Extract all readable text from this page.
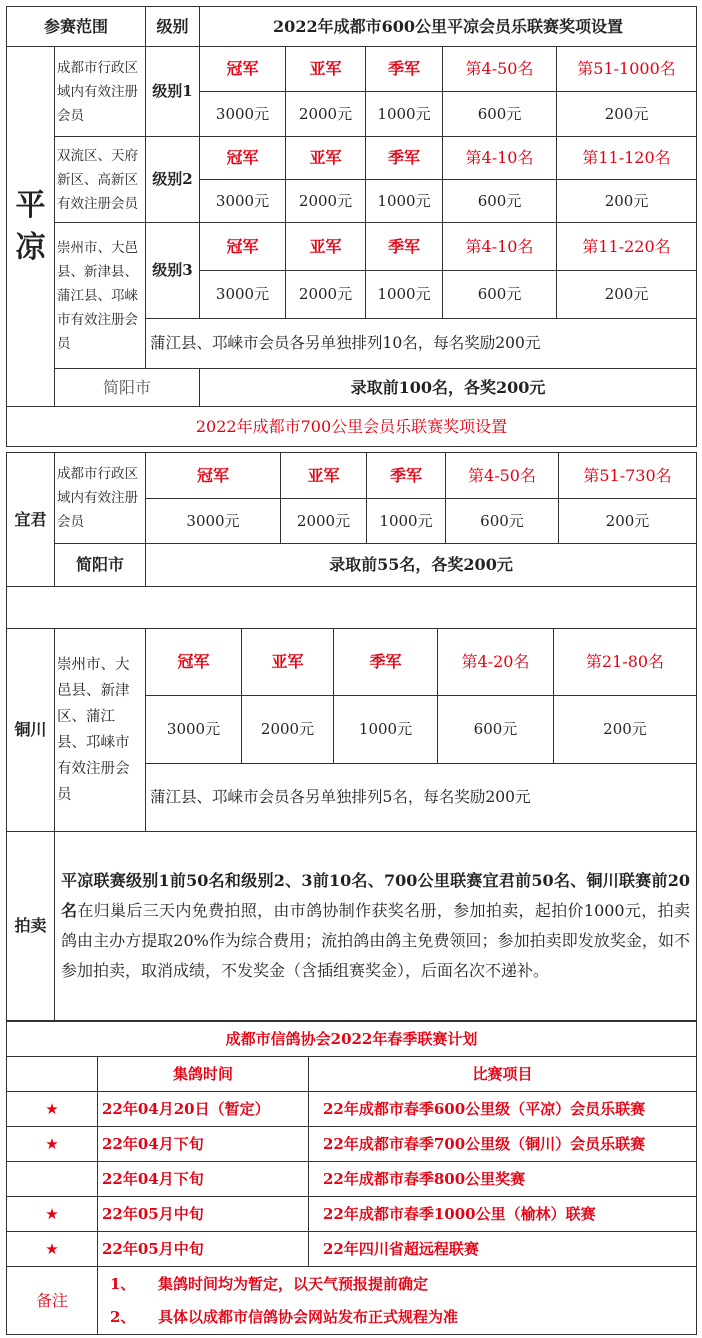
参赛范围		级别	2022年成都市600公里平凉会员乐联赛奖项设置				
平
凉	成都市行政区域内有效注册会员	级别1	冠军	亚军	季军	第4-50名	第51-1000名
			3000元	2000元	1000元	600元	200元
	双流区、天府新区、高新区有效注册会员	级别2	冠军	亚军	季军	第4-10名	第11-120名
			3000元	2000元	1000元	600元	200元
	崇州市、大邑县、新津县、蒲江县、邛崃市有效注册会员	级别3	冠军	亚军	季军	第4-10名	第11-220名
			3000元	2000元	1000元	600元	200元
		蒲江县、邛崃市会员各另单独排列10名，每名奖励200元					
	简阳市		录取前100名，各奖200元				
2022年成都市700公里会员乐联赛奖项设置							
宜君	成都市行政区域内有效注册会员	冠军	亚军	季军	第4-50名	第51-730名
		3000元	2000元	1000元	600元	200元
	简阳市	录取前55名，各奖200元				

铜川	崇州市、大邑县、新津区、蒲江县、邛崃市有效注册会员	冠军	亚军	季军	第4-20名	第21-80名
		3000元	2000元	1000元	600元	200元
		蒲江县、邛崃市会员各另单独排列5名，每名奖励200元				
拍卖	平凉联赛级别1前50名和级别2、3前10名、700公里联赛宜君前50名、铜川联赛前20名在归巢后三天内免费拍照，由市鸽协制作获奖名册，参加拍卖，起拍价1000元，拍卖鸽由主办方提取20%作为综合费用；流拍鸽由鸽主免费领回；参加拍卖即发放奖金，如不参加拍卖，取消成绩，不发奖金（含插组赛奖金），后面名次不递补。					
成都市信鸽协会2022年春季联赛计划		
	集鸽时间	比赛项目
★	22年04月20日（暂定）	22年成都市春季600公里级（平凉）会员乐联赛
★	22年04月下旬	22年成都市春季700公里级（铜川）会员乐联赛
	22年04月下旬	22年成都市春季800公里奖赛
★	22年05月中旬	22年成都市春季1000公里（榆林）联赛
★	22年05月中旬	22年四川省超远程联赛
备注	1、 集鸽时间均为暂定，以天气预报提前确定
2、 具体以成都市信鸽协会网站发布正式规程为准	
